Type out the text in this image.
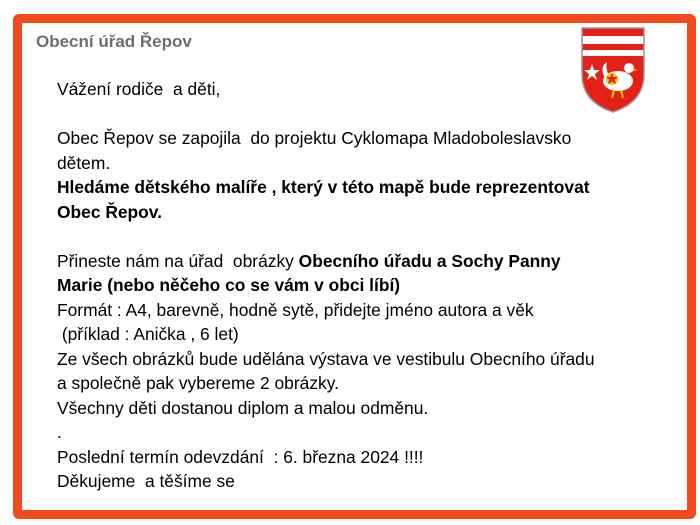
Obecní úřad Řepov
Vážení rodiče  a děti,
Obec Řepov se zapojila  do projektu Cyklomapa Mladoboleslavsko
dětem.
Hledáme dětského malíře , který v této mapě bude reprezentovat
Obec Řepov.
Přineste nám na úřad  obrázky Obecního úřadu a Sochy Panny
Marie (nebo něčeho co se vám v obci líbí)
Formát : A4, barevně, hodně sytě, přidejte jméno autora a věk
(příklad : Anička , 6 let)
Ze všech obrázků bude udělána výstava ve vestibulu Obecního úřadu
a společně pak vybereme 2 obrázky.
Všechny děti dostanou diplom a malou odměnu.
.
Poslední termín odevzdání  : 6. března 2024 !!!!
Děkujeme  a těšíme se
